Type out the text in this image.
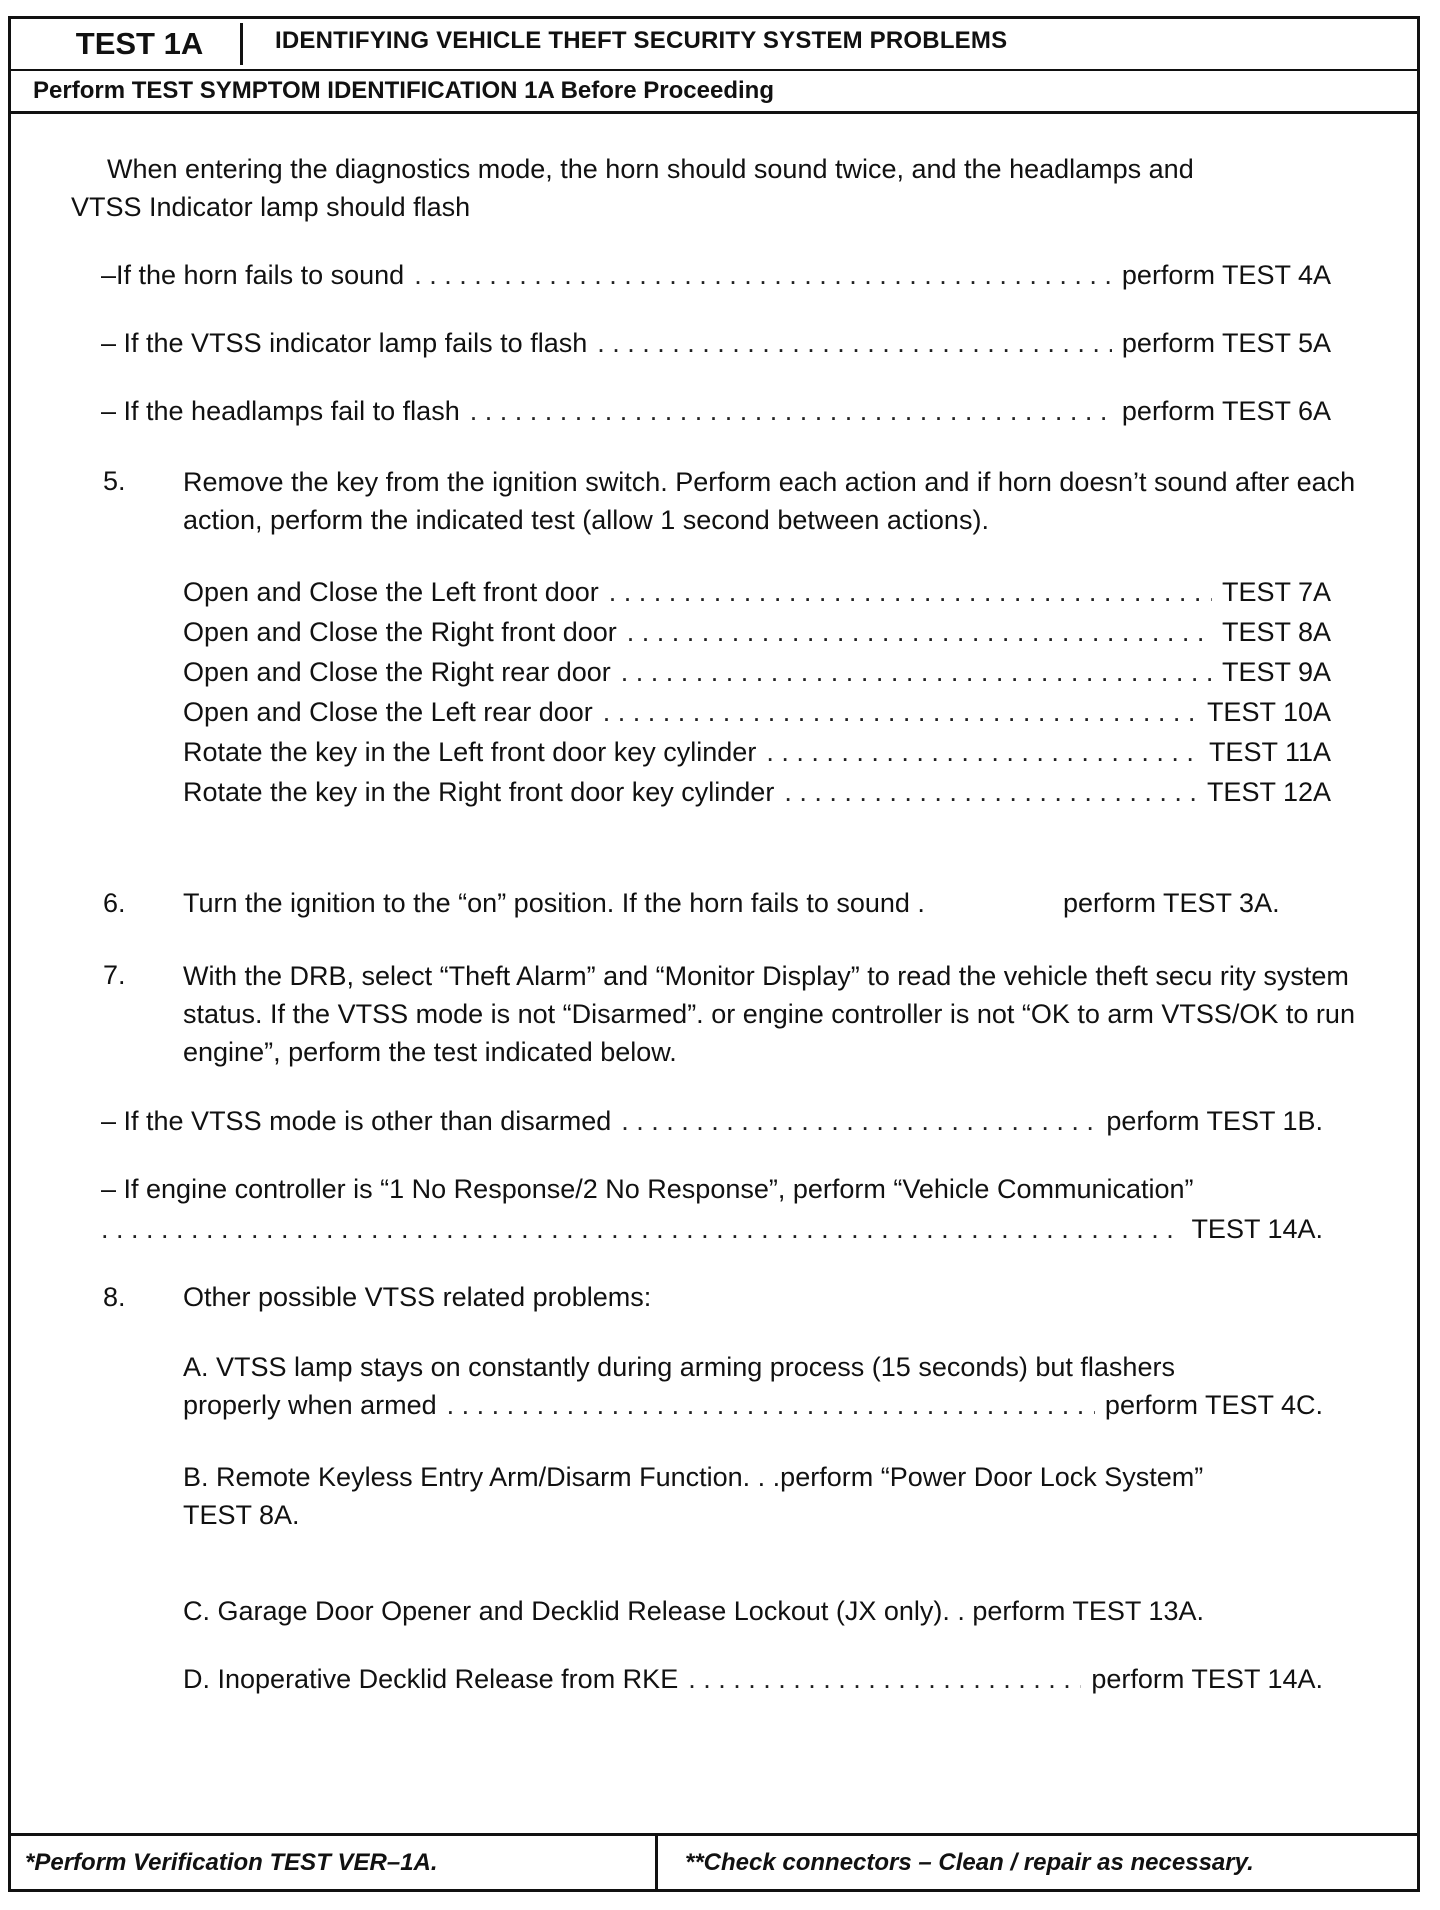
TEST 1A	IDENTIFYING VEHICLE THEFT SECURITY SYSTEM PROBLEMS
Perform TEST SYMPTOM IDENTIFICATION 1A Before Proceeding
When entering the diagnostics mode, the horn should sound twice, and the headlamps and
VTSS Indicator lamp should flash
–If the horn fails to sound . . .	perform TEST 4A
– If the VTSS indicator lamp fails to flash . . .	perform TEST 5A
– If the headlamps fail to flash . . .	perform TEST 6A
5. Remove the key from the ignition switch. Perform each action and if horn doesn’t sound after each action, perform the indicated test (allow 1 second between actions).
Open and Close the Left front door . . .	TEST 7A
Open and Close the Right front door . . .	TEST 8A
Open and Close the Right rear door . . .	TEST 9A
Open and Close the Left rear door . . .	TEST 10A
Rotate the key in the Left front door key cylinder . . .	TEST 11A
Rotate the key in the Right front door key cylinder . . .	TEST 12A
6. Turn the ignition to the “on” position. If the horn fails to sound .	perform TEST 3A.
7. With the DRB, select “Theft Alarm” and “Monitor Display” to read the vehicle theft secu rity system status. If the VTSS mode is not “Disarmed”. or engine controller is not “OK to arm VTSS/OK to run engine”, perform the test indicated below.
– If the VTSS mode is other than disarmed . . .	perform TEST 1B.
– If engine controller is “1 No Response/2 No Response”, perform “Vehicle Communication”
. . .
TEST 14A.
8. Other possible VTSS related problems:
A. VTSS lamp stays on constantly during arming process (15 seconds) but flashers
properly when armed . . .	perform TEST 4C.
B. Remote Keyless Entry Arm/Disarm Function. . .perform “Power Door Lock System”
TEST 8A.
C. Garage Door Opener and Decklid Release Lockout (JX only). . perform TEST 13A.
D. Inoperative Decklid Release from RKE . . .	perform TEST 14A.
*Perform Verification TEST VER–1A.	**Check connectors – Clean / repair as necessary.
